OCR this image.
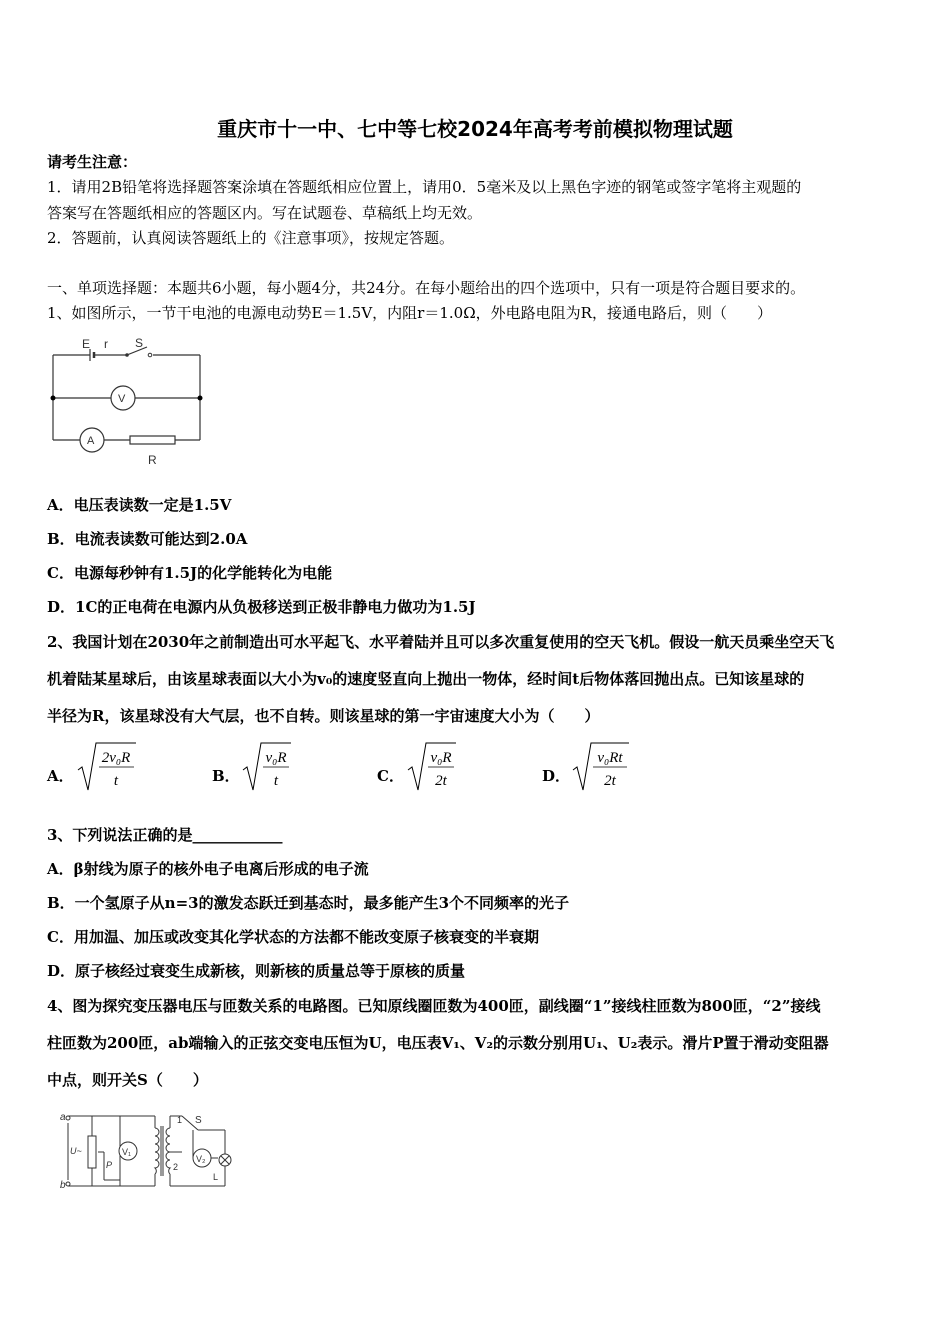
重庆市十一中、七中等七校2024年高考考前模拟物理试题
请考生注意：
1．请用2B铅笔将选择题答案涂填在答题纸相应位置上，请用0．5毫米及以上黑色字迹的钢笔或签字笔将主观题的
答案写在答题纸相应的答题区内。写在试题卷、草稿纸上均无效。
2．答题前，认真阅读答题纸上的《注意事项》，按规定答题。
一、单项选择题：本题共6小题，每小题4分，共24分。在每小题给出的四个选项中，只有一项是符合题目要求的。
1、如图所示，一节干电池的电源电动势E＝1.5V，内阻r＝1.0Ω，外电路电阻为R，接通电路后，则（　　）
E r S
V
A
R
A．电压表读数一定是1.5V
B．电流表读数可能达到2.0A
C．电源每秒钟有1.5J的化学能转化为电能
D．1C的正电荷在电源内从负极移送到正极非静电力做功为1.5J
2、我国计划在2030年之前制造出可水平起飞、水平着陆并且可以多次重复使用的空天飞机。假设一航天员乘坐空天飞
机着陆某星球后，由该星球表面以大小为v₀的速度竖直向上抛出一物体，经时间t后物体落回抛出点。已知该星球的
半径为R，该星球没有大气层，也不自转。则该星球的第一宇宙速度大小为（　　）
A．
2v₀R
t	B．
v₀R
t	C．
v₀R
2t	D．
v₀Rt
2t
3、下列说法正确的是____________
A．β射线为原子的核外电子电离后形成的电子流
B．一个氢原子从n=3的激发态跃迁到基态时，最多能产生3个不同频率的光子
C．用加温、加压或改变其化学状态的方法都不能改变原子核衰变的半衰期
D．原子核经过衰变生成新核，则新核的质量总等于原核的质量
4、图为探究变压器电压与匝数关系的电路图。已知原线圈匝数为400匝，副线圈“1”接线柱匝数为800匝，“2”接线
柱匝数为200匝，ab端输入的正弦交变电压恒为U，电压表V₁、V₂的示数分别用U₁、U₂表示。滑片P置于滑动变阻器
中点，则开关S（　　）
a
b
U~
P
V₁
V₂
1
2
S
L
